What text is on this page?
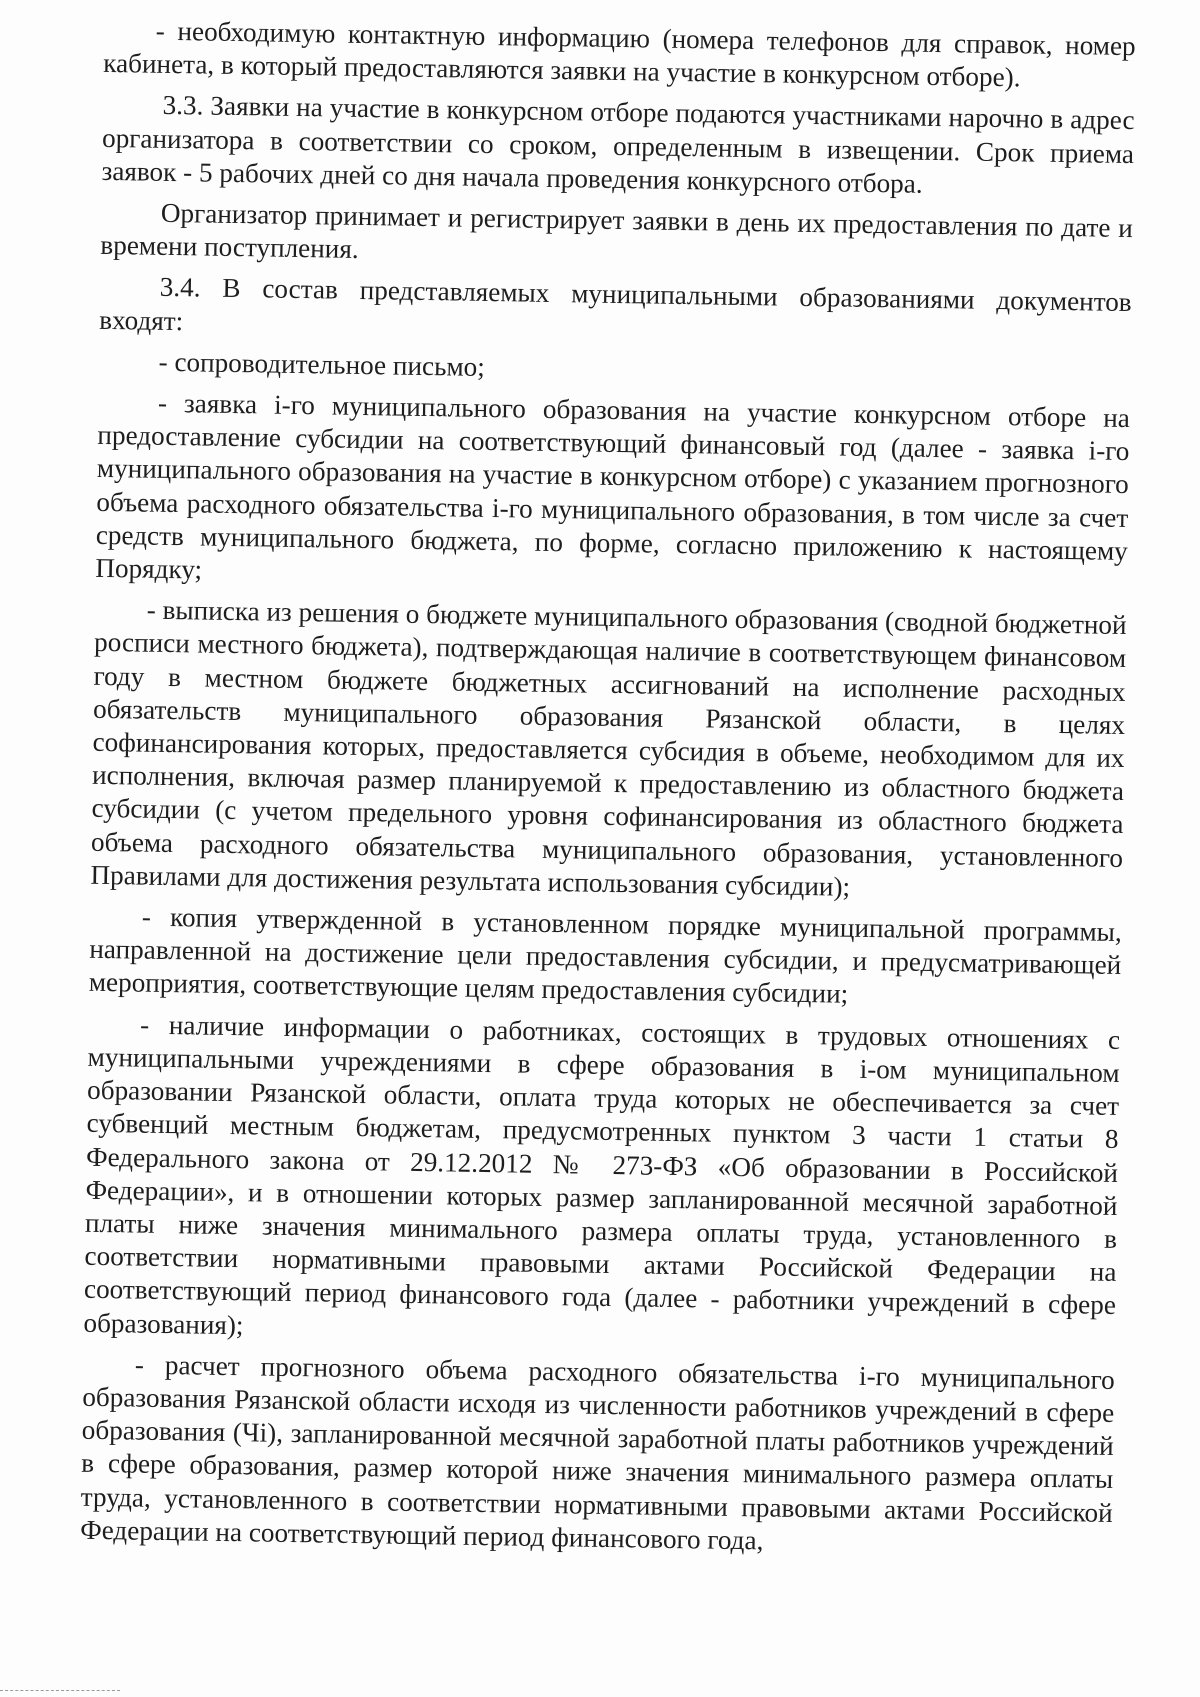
- необходимую контактную информацию (номера телефонов для справок, номер кабинета, в который предоставляются заявки на участие в конкурсном отборе).

3.3. Заявки на участие в конкурсном отборе подаются участниками нарочно в адрес организатора в соответствии со сроком, определенным в извещении. Срок приема заявок - 5 рабочих дней со дня начала проведения конкурсного отбора.

Организатор принимает и регистрирует заявки в день их предоставления по дате и времени поступления.

3.4. В состав представляемых муниципальными образованиями документов входят:

- сопроводительное письмо;

- заявка i-го муниципального образования на участие конкурсном отборе на предоставление субсидии на соответствующий финансовый год (далее - заявка i-го муниципального образования на участие в конкурсном отборе) с указанием прогнозного объема расходного обязательства i-го муниципального образования, в том числе за счет средств муниципального бюджета, по форме, согласно приложению к настоящему Порядку;

- выписка из решения о бюджете муниципального образования (сводной бюджетной росписи местного бюджета), подтверждающая наличие в соответствующем финансовом году в местном бюджете бюджетных ассигнований на исполнение расходных обязательств муниципального образования Рязанской области, в целях софинансирования которых, предоставляется субсидия в объеме, необходимом для их исполнения, включая размер планируемой к предоставлению из областного бюджета субсидии (с учетом предельного уровня софинансирования из областного бюджета объема расходного обязательства муниципального образования, установленного Правилами для достижения результата использования субсидии);

- копия утвержденной в установленном порядке муниципальной программы, направленной на достижение цели предоставления субсидии, и предусматривающей мероприятия, соответствующие целям предоставления субсидии;

- наличие информации о работниках, состоящих в трудовых отношениях с муниципальными учреждениями в сфере образования в i-ом муниципальном образовании Рязанской области, оплата труда которых не обеспечивается за счет субвенций местным бюджетам, предусмотренных пунктом 3 части 1 статьи 8 Федерального закона от 29.12.2012 № 273-ФЗ «Об образовании в Российской Федерации», и в отношении которых размер запланированной месячной заработной платы ниже значения минимального размера оплаты труда, установленного в соответствии нормативными правовыми актами Российской Федерации на соответствующий период финансового года (далее - работники учреждений в сфере образования);

- расчет прогнозного объема расходного обязательства i-го муниципального образования Рязанской области исходя из численности работников учреждений в сфере образования (Чi), запланированной месячной заработной платы работников учреждений в сфере образования, размер которой ниже значения минимального размера оплаты труда, установленного в соответствии нормативными правовыми актами Российской Федерации на соответствующий период финансового года,
